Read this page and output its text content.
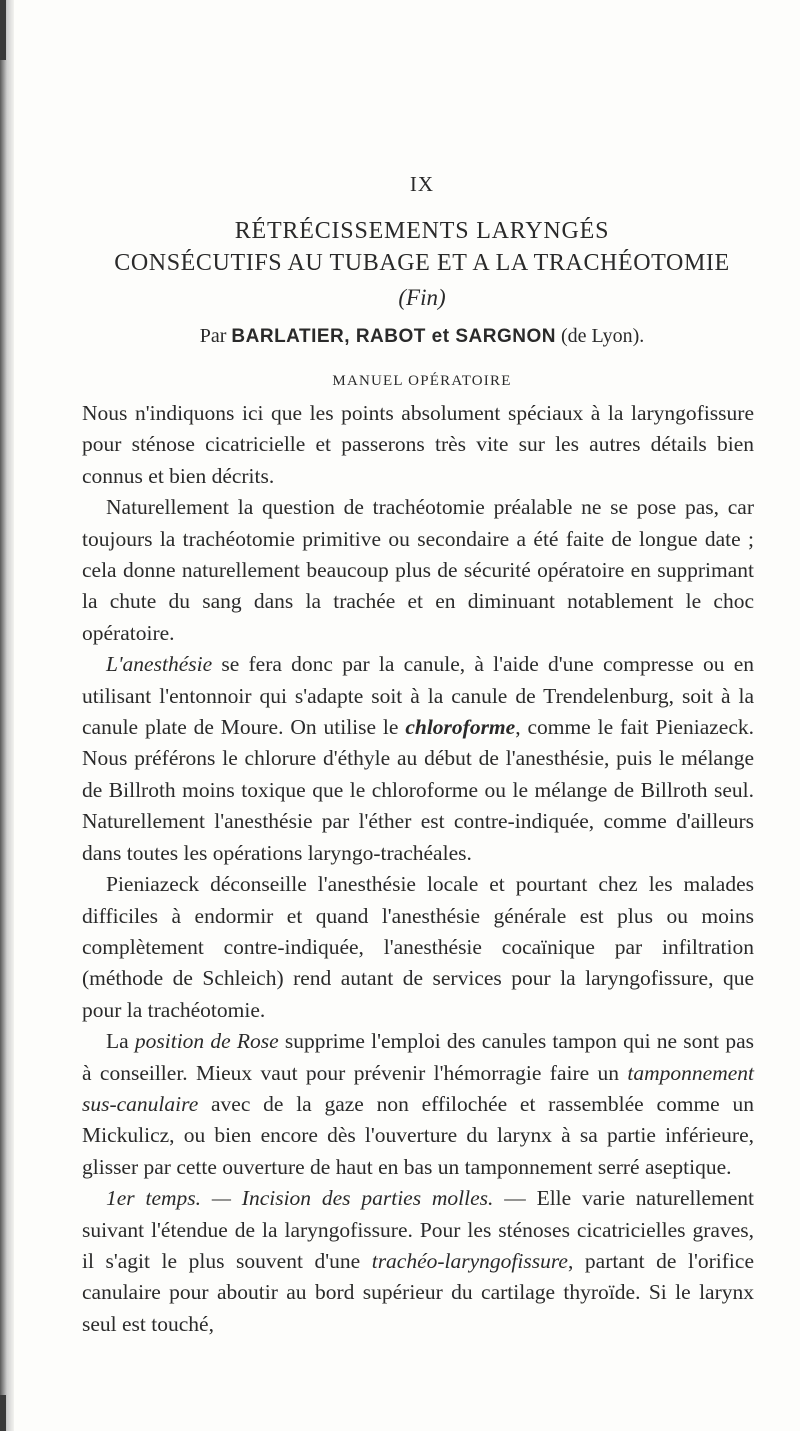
IX
RÉTRÉCISSEMENTS LARYNGÉS
CONSÉCUTIFS AU TUBAGE ET A LA TRACHÉOTOMIE
(Fin)
Par BARLATIER, RABOT et SARGNON (de Lyon).
MANUEL OPÉRATOIRE

Nous n'indiquons ici que les points absolument spéciaux à la laryngofissure pour sténose cicatricielle et passerons très vite sur les autres détails bien connus et bien décrits.

Naturellement la question de trachéotomie préalable ne se pose pas, car toujours la trachéotomie primitive ou secondaire a été faite de longue date ; cela donne naturellement beaucoup plus de sécurité opératoire en supprimant la chute du sang dans la trachée et en diminuant notablement le choc opératoire.

L'anesthésie se fera donc par la canule, à l'aide d'une compresse ou en utilisant l'entonnoir qui s'adapte soit à la canule de Trendelenburg, soit à la canule plate de Moure. On utilise le chloroforme, comme le fait Pieniazeck. Nous préférons le chlorure d'éthyle au début de l'anesthésie, puis le mélange de Billroth moins toxique que le chloroforme ou le mélange de Billroth seul. Naturellement l'anesthésie par l'éther est contre-indiquée, comme d'ailleurs dans toutes les opérations laryngo-trachéales.

Pieniazeck déconseille l'anesthésie locale et pourtant chez les malades difficiles à endormir et quand l'anesthésie générale est plus ou moins complètement contre-indiquée, l'anesthésie cocaïnique par infiltration (méthode de Schleich) rend autant de services pour la laryngofissure, que pour la trachéotomie.

La position de Rose supprime l'emploi des canules tampon qui ne sont pas à conseiller. Mieux vaut pour prévenir l'hémorragie faire un tamponnement sus-canulaire avec de la gaze non effilochée et rassemblée comme un Mickulicz, ou bien encore dès l'ouverture du larynx à sa partie inférieure, glisser par cette ouverture de haut en bas un tamponnement serré aseptique.

1er temps. — Incision des parties molles. — Elle varie naturellement suivant l'étendue de la laryngofissure. Pour les sténoses cicatricielles graves, il s'agit le plus souvent d'une trachéo-laryngofissure, partant de l'orifice canulaire pour aboutir au bord supérieur du cartilage thyroïde. Si le larynx seul est touché,
